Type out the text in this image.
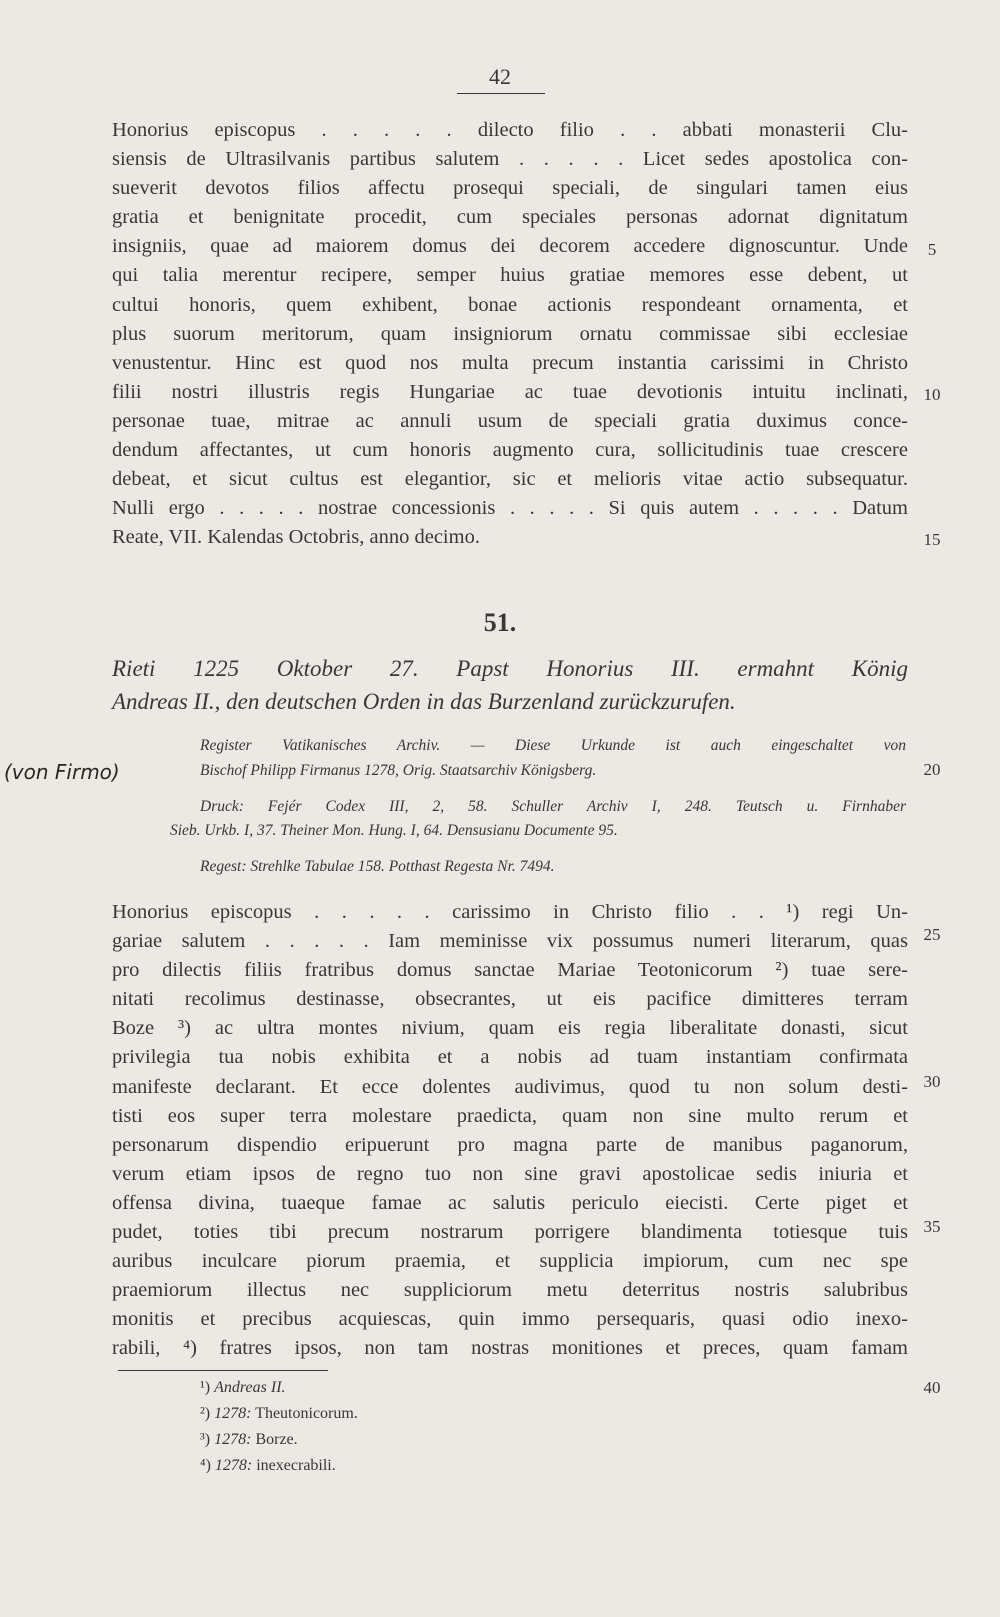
42
Honorius episcopus . . . . . dilecto filio . . abbati monasterii Clu-
siensis de Ultrasilvanis partibus salutem . . . . . Licet sedes apostolica con-
sueverit devotos filios affectu prosequi speciali, de singulari tamen eius
gratia et benignitate procedit, cum speciales personas adornat dignitatum
insigniis, quae ad maiorem domus dei decorem accedere dignoscuntur. Unde
qui talia merentur recipere, semper huius gratiae memores esse debent, ut
cultui honoris, quem exhibent, bonae actionis respondeant ornamenta, et
plus suorum meritorum, quam insigniorum ornatu commissae sibi ecclesiae
venustentur. Hinc est quod nos multa precum instantia carissimi in Christo
filii nostri illustris regis Hungariae ac tuae devotionis intuitu inclinati,
personae tuae, mitrae ac annuli usum de speciali gratia duximus conce-
dendum affectantes, ut cum honoris augmento cura, sollicitudinis tuae crescere
debeat, et sicut cultus est elegantior, sic et melioris vitae actio subsequatur.
Nulli ergo . . . . . nostrae concessionis . . . . . Si quis autem . . . . . Datum
Reate, VII. Kalendas Octobris, anno decimo.
5
10
15
51.
Rieti 1225 Oktober 27. Papst Honorius III. ermahnt König
Andreas II., den deutschen Orden in das Burzenland zurückzurufen.
Register Vatikanisches Archiv. — Diese Urkunde ist auch eingeschaltet von
Bischof Philipp Firmanus 1278, Orig. Staatsarchiv Königsberg.
(von Firmo)
Druck: Fejér Codex III, 2, 58. Schuller Archiv I, 248. Teutsch u. Firnhaber
Sieb. Urkb. I, 37. Theiner Mon. Hung. I, 64. Densusianu Documente 95.
Regest: Strehlke Tabulae 158. Potthast Regesta Nr. 7494.
20
Honorius episcopus . . . . . carissimo in Christo filio . . ¹) regi Un-
gariae salutem . . . . . Iam meminisse vix possumus numeri literarum, quas
pro dilectis filiis fratribus domus sanctae Mariae Teotonicorum ²) tuae sere-
nitati recolimus destinasse, obsecrantes, ut eis pacifice dimitteres terram
Boze ³) ac ultra montes nivium, quam eis regia liberalitate donasti, sicut
privilegia tua nobis exhibita et a nobis ad tuam instantiam confirmata
manifeste declarant. Et ecce dolentes audivimus, quod tu non solum desti-
tisti eos super terra molestare praedicta, quam non sine multo rerum et
personarum dispendio eripuerunt pro magna parte de manibus paganorum,
verum etiam ipsos de regno tuo non sine gravi apostolicae sedis iniuria et
offensa divina, tuaeque famae ac salutis periculo eiecisti. Certe piget et
pudet, toties tibi precum nostrarum porrigere blandimenta totiesque tuis
auribus inculcare piorum praemia, et supplicia impiorum, cum nec spe
praemiorum illectus nec suppliciorum metu deterritus nostris salubribus
monitis et precibus acquiescas, quin immo persequaris, quasi odio inexo-
rabili, ⁴) fratres ipsos, non tam nostras monitiones et preces, quam famam
25
30
35
40
¹) Andreas II.
²) 1278: Theutonicorum.
³) 1278: Borze.
⁴) 1278: inexecrabili.
